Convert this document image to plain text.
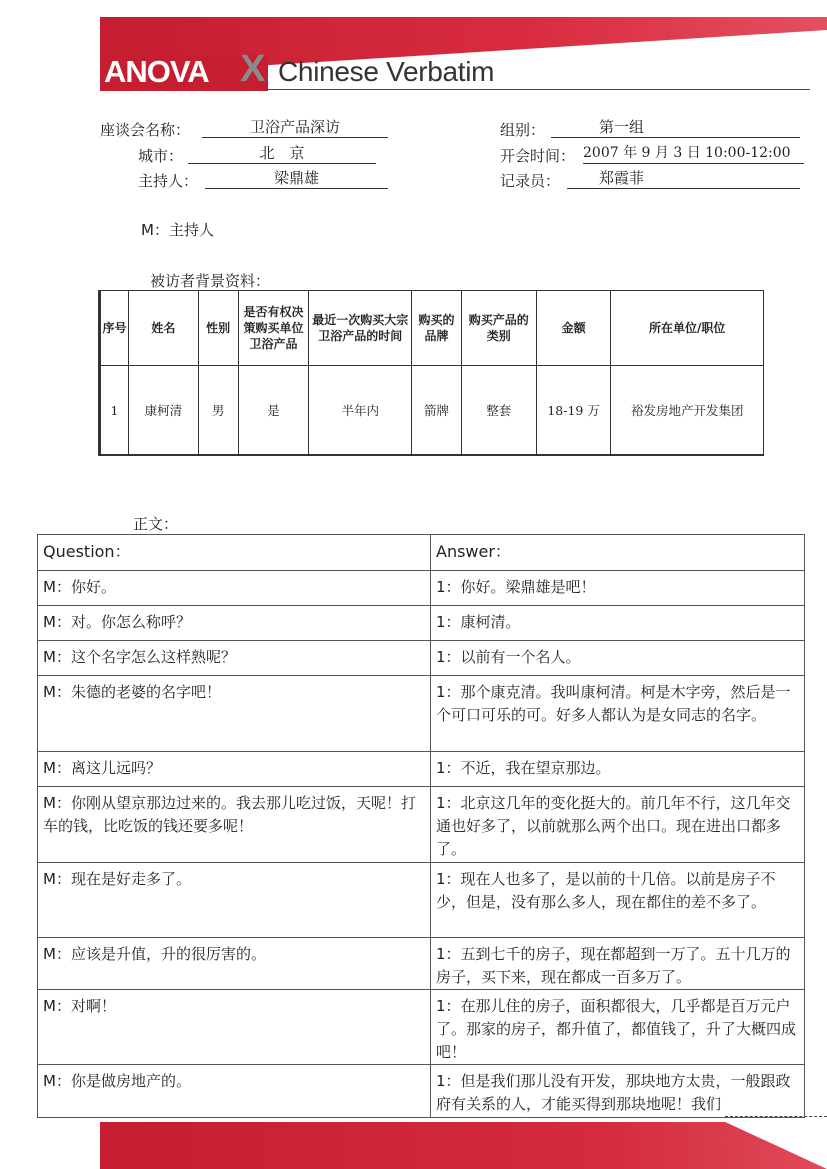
ANOVA X Chinese Verbatim
座谈会名称：	卫浴产品深访
城市：	北　京
主持人：	梁鼎雄
组别：	第一组
开会时间： 2007 年 9 月 3 日 10:00-12:00
记录员：	郑霞菲
M：主持人
被访者背景资料：
序号	姓名	性别	是否有权决策购买单位卫浴产品	最近一次购买大宗卫浴产品的时间	购买的品牌	购买产品的类别	金额	所在单位/职位
1	康柯清	男	是	半年内	箭牌	整套	18-19 万	裕发房地产开发集团
正文：
Question：	Answer：
M：你好。	1：你好。梁鼎雄是吧！
M：对。你怎么称呼？	1：康柯清。
M：这个名字怎么这样熟呢？	1：以前有一个名人。
M：朱德的老婆的名字吧！	1：那个康克清。我叫康柯清。柯是木字旁，然后是一个可口可乐的可。好多人都认为是女同志的名字。
M：离这儿远吗？	1：不近，我在望京那边。
M：你刚从望京那边过来的。我去那儿吃过饭，天呢！打车的钱，比吃饭的钱还要多呢！	1：北京这几年的变化挺大的。前几年不行，这几年交通也好多了，以前就那么两个出口。现在进出口都多了。
M：现在是好走多了。	1：现在人也多了，是以前的十几倍。以前是房子不少，但是，没有那么多人，现在都住的差不多了。
M：应该是升值，升的很厉害的。	1：五到七千的房子，现在都超到一万了。五十几万的房子，买下来，现在都成一百多万了。
M：对啊！	1：在那儿住的房子，面积都很大，几乎都是百万元户了。那家的房子，都升值了，都值钱了，升了大概四成吧！
M：你是做房地产的。	1：但是我们那儿没有开发，那块地方太贵，一般跟政府有关系的人，才能买得到那块地呢！我们
